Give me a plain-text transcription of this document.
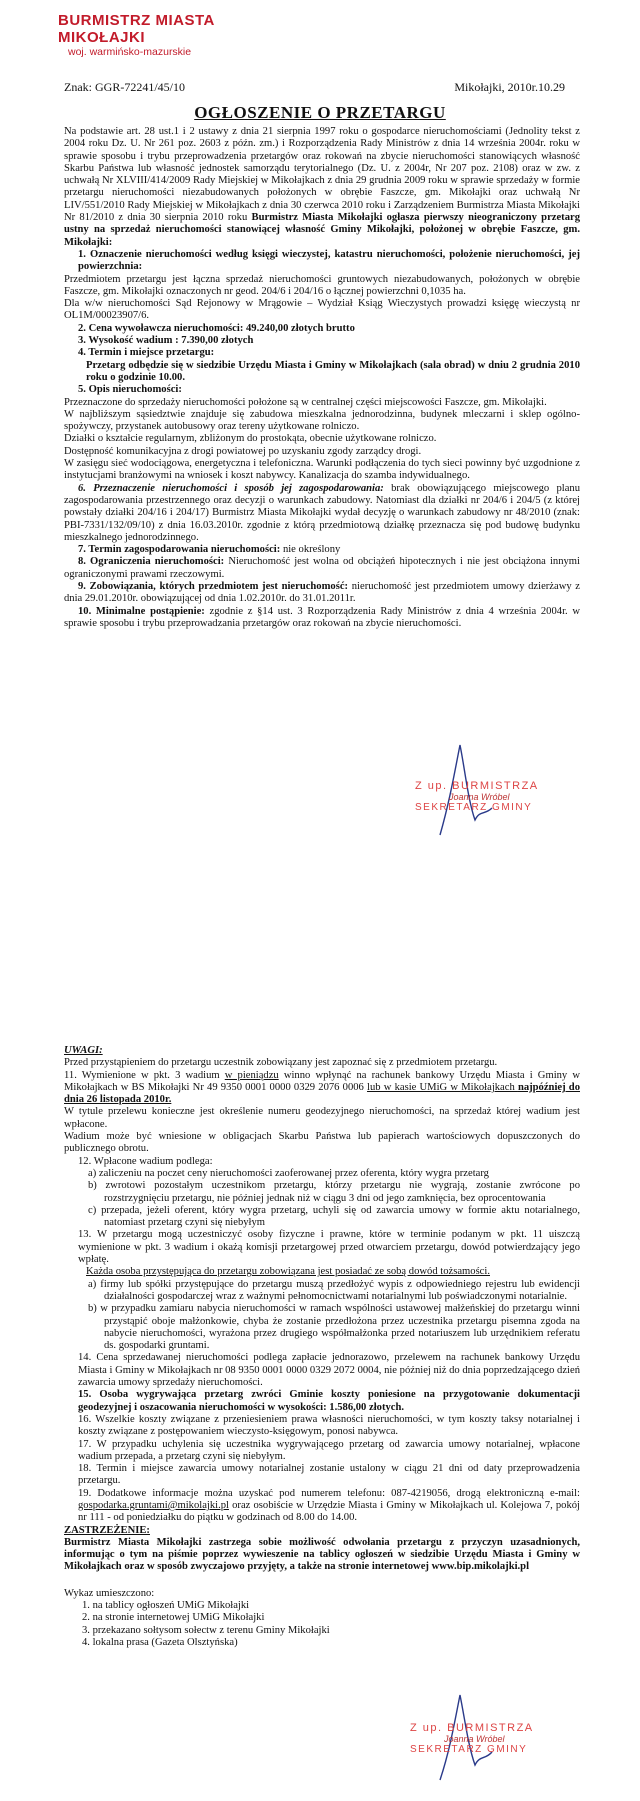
BURMISTRZ MIASTA MIKOŁAJKI
woj. warmińsko-mazurskie
Znak: GGR-72241/45/10	Mikołajki, 2010r.10.29
OGŁOSZENIE O PRZETARGU

Na podstawie art. 28 ust.1 i 2 ustawy z dnia 21 sierpnia 1997 roku o gospodarce nieruchomościami (Jednolity tekst z 2004 roku Dz. U. Nr 261 poz. 2603 z późn. zm.) i Rozporządzenia Rady Ministrów z dnia 14 września 2004r. roku w sprawie sposobu i trybu przeprowadzenia przetargów oraz rokowań na zbycie nieruchomości stanowiących własność Skarbu Państwa lub własność jednostek samorządu terytorialnego (Dz. U. z 2004r, Nr 207 poz. 2108) oraz w zw. z uchwałą Nr XLVIII/414/2009 Rady Miejskiej w Mikołajkach z dnia 29 grudnia 2009 roku w sprawie sprzedaży w formie przetargu nieruchomości niezabudowanych położonych w obrębie Faszcze, gm. Mikołajki oraz uchwałą Nr LIV/551/2010 Rady Miejskiej w Mikołajkach z dnia 30 czerwca 2010 roku i Zarządzeniem Burmistrza Miasta Mikołajki Nr 81/2010 z dnia 30 sierpnia 2010 roku Burmistrz Miasta Mikołajki ogłasza pierwszy nieograniczony przetarg ustny na sprzedaż nieruchomości stanowiącej własność Gminy Mikołajki, położonej w obrębie Faszcze, gm. Mikołajki:

1. Oznaczenie nieruchomości według księgi wieczystej, katastru nieruchomości, położenie nieruchomości, jej powierzchnia:

Przedmiotem przetargu jest łączna sprzedaż nieruchomości gruntowych niezabudowanych, położonych w obrębie Faszcze, gm. Mikołajki oznaczonych nr geod. 204/6 i 204/16 o łącznej powierzchni 0,1035 ha.

Dla w/w nieruchomości Sąd Rejonowy w Mrągowie – Wydział Ksiąg Wieczystych prowadzi księgę wieczystą nr OL1M/00023907/6.

2. Cena wywoławcza nieruchomości: 49.240,00 złotych brutto

3. Wysokość wadium : 7.390,00 złotych

4. Termin i miejsce przetargu:

Przetarg odbędzie się w siedzibie Urzędu Miasta i Gminy w Mikołajkach (sala obrad) w dniu 2 grudnia 2010 roku o godzinie 10.00.

5. Opis nieruchomości:

Przeznaczone do sprzedaży nieruchomości położone są w centralnej części miejscowości Faszcze, gm. Mikołajki.

W najbliższym sąsiedztwie znajduje się zabudowa mieszkalna jednorodzinna, budynek mleczarni i sklep ogólno-spożywczy, przystanek autobusowy oraz tereny użytkowane rolniczo.

Działki o kształcie regularnym, zbliżonym do prostokąta, obecnie użytkowane rolniczo.

Dostępność komunikacyjna z drogi powiatowej po uzyskaniu zgody zarządcy drogi.

W zasięgu sieć wodociągowa, energetyczna i telefoniczna. Warunki podłączenia do tych sieci powinny być uzgodnione z instytucjami branżowymi na wniosek i koszt nabywcy. Kanalizacja do szamba indywidualnego.

6. Przeznaczenie nieruchomości i sposób jej zagospodarowania: brak obowiązującego miejscowego planu zagospodarowania przestrzennego oraz decyzji o warunkach zabudowy. Natomiast dla działki nr 204/6 i 204/5 (z której powstały działki 204/16 i 204/17) Burmistrz Miasta Mikołajki wydał decyzję o warunkach zabudowy nr 48/2010 (znak: PBI-7331/132/09/10) z dnia 16.03.2010r. zgodnie z którą przedmiotową działkę przeznacza się pod budowę budynku mieszkalnego jednorodzinnego.

7. Termin zagospodarowania nieruchomości: nie określony

8. Ograniczenia nieruchomości: Nieruchomość jest wolna od obciążeń hipotecznych i nie jest obciążona innymi ograniczonymi prawami rzeczowymi.

9. Zobowiązania, których przedmiotem jest nieruchomość: nieruchomość jest przedmiotem umowy dzierżawy z dnia 29.01.2010r. obowiązującej od dnia 1.02.2010r. do 31.01.2011r.

10. Minimalne postąpienie: zgodnie z §14 ust. 3 Rozporządzenia Rady Ministrów z dnia 4 września 2004r. w sprawie sposobu i trybu przeprowadzania przetargów oraz rokowań na zbycie nieruchomości.

Z up. BURMISTRZA
Joanna Wróbel
SEKRETARZ GMINY

UWAGI:

Przed przystąpieniem do przetargu uczestnik zobowiązany jest zapoznać się z przedmiotem przetargu.

11. Wymienione w pkt. 3 wadium w pieniądzu winno wpłynąć na rachunek bankowy Urzędu Miasta i Gminy w Mikołajkach w BS Mikołajki Nr 49 9350 0001 0000 0329 2076 0006 lub w kasie UMiG w Mikołajkach najpóźniej do dnia 26 listopada 2010r.

W tytule przelewu konieczne jest określenie numeru geodezyjnego nieruchomości, na sprzedaż której wadium jest wpłacone.

Wadium może być wniesione w obligacjach Skarbu Państwa lub papierach wartościowych dopuszczonych do publicznego obrotu.

12. Wpłacone wadium podlega:

a) zaliczeniu na poczet ceny nieruchomości zaoferowanej przez oferenta, który wygra przetarg

b) zwrotowi pozostałym uczestnikom przetargu, którzy przetargu nie wygrają, zostanie zwrócone po rozstrzygnięciu przetargu, nie później jednak niż w ciągu 3 dni od jego zamknięcia, bez oprocentowania

c) przepada, jeżeli oferent, który wygra przetarg, uchyli się od zawarcia umowy w formie aktu notarialnego, natomiast przetarg czyni się niebyłym

13. W przetargu mogą uczestniczyć osoby fizyczne i prawne, które w terminie podanym w pkt. 11 uiszczą wymienione w pkt. 3 wadium i okażą komisji przetargowej przed otwarciem przetargu, dowód potwierdzający jego wpłatę.

Każda osoba przystępująca do przetargu zobowiązana jest posiadać ze sobą dowód tożsamości.

a) firmy lub spółki przystępujące do przetargu muszą przedłożyć wypis z odpowiedniego rejestru lub ewidencji działalności gospodarczej wraz z ważnymi pełnomocnictwami notarialnymi lub poświadczonymi notarialnie.

b) w przypadku zamiaru nabycia nieruchomości w ramach wspólności ustawowej małżeńskiej do przetargu winni przystąpić oboje małżonkowie, chyba że zostanie przedłożona przez uczestnika przetargu pisemna zgoda na nabycie nieruchomości, wyrażona przez drugiego współmałżonka przed notariuszem lub urzędnikiem referatu ds. gospodarki gruntami.

14. Cena sprzedawanej nieruchomości podlega zapłacie jednorazowo, przelewem na rachunek bankowy Urzędu Miasta i Gminy w Mikołajkach nr 08 9350 0001 0000 0329 2072 0004, nie później niż do dnia poprzedzającego dzień zawarcia umowy sprzedaży nieruchomości.

15. Osoba wygrywająca przetarg zwróci Gminie koszty poniesione na przygotowanie dokumentacji geodezyjnej i oszacowania nieruchomości w wysokości: 1.586,00 złotych.

16. Wszelkie koszty związane z przeniesieniem prawa własności nieruchomości, w tym koszty taksy notarialnej i koszty związane z postępowaniem wieczysto-księgowym, ponosi nabywca.

17. W przypadku uchylenia się uczestnika wygrywającego przetarg od zawarcia umowy notarialnej, wpłacone wadium przepada, a przetarg czyni się niebyłym.

18. Termin i miejsce zawarcia umowy notarialnej zostanie ustalony w ciągu 21 dni od daty przeprowadzenia przetargu.

19. Dodatkowe informacje można uzyskać pod numerem telefonu: 087-4219056, drogą elektroniczną e-mail: gospodarka.gruntami@mikolajki.pl oraz osobiście w Urzędzie Miasta i Gminy w Mikołajkach ul. Kolejowa 7, pokój nr 111 - od poniedziałku do piątku w godzinach od 8.00 do 14.00.

ZASTRZEŻENIE:

Burmistrz Miasta Mikołajki zastrzega sobie możliwość odwołania przetargu z przyczyn uzasadnionych, informując o tym na piśmie poprzez wywieszenie na tablicy ogłoszeń w siedzibie Urzędu Miasta i Gminy w Mikołajkach oraz w sposób zwyczajowo przyjęty, a także na stronie internetowej www.bip.mikolajki.pl

Wykaz umieszczono:

1. na tablicy ogłoszeń UMiG Mikołajki

2. na stronie internetowej UMiG Mikołajki

3. przekazano sołtysom sołectw z terenu Gminy Mikołajki

4. lokalna prasa (Gazeta Olsztyńska)

Z up. BURMISTRZA
Joanna Wróbel
SEKRETARZ GMINY
